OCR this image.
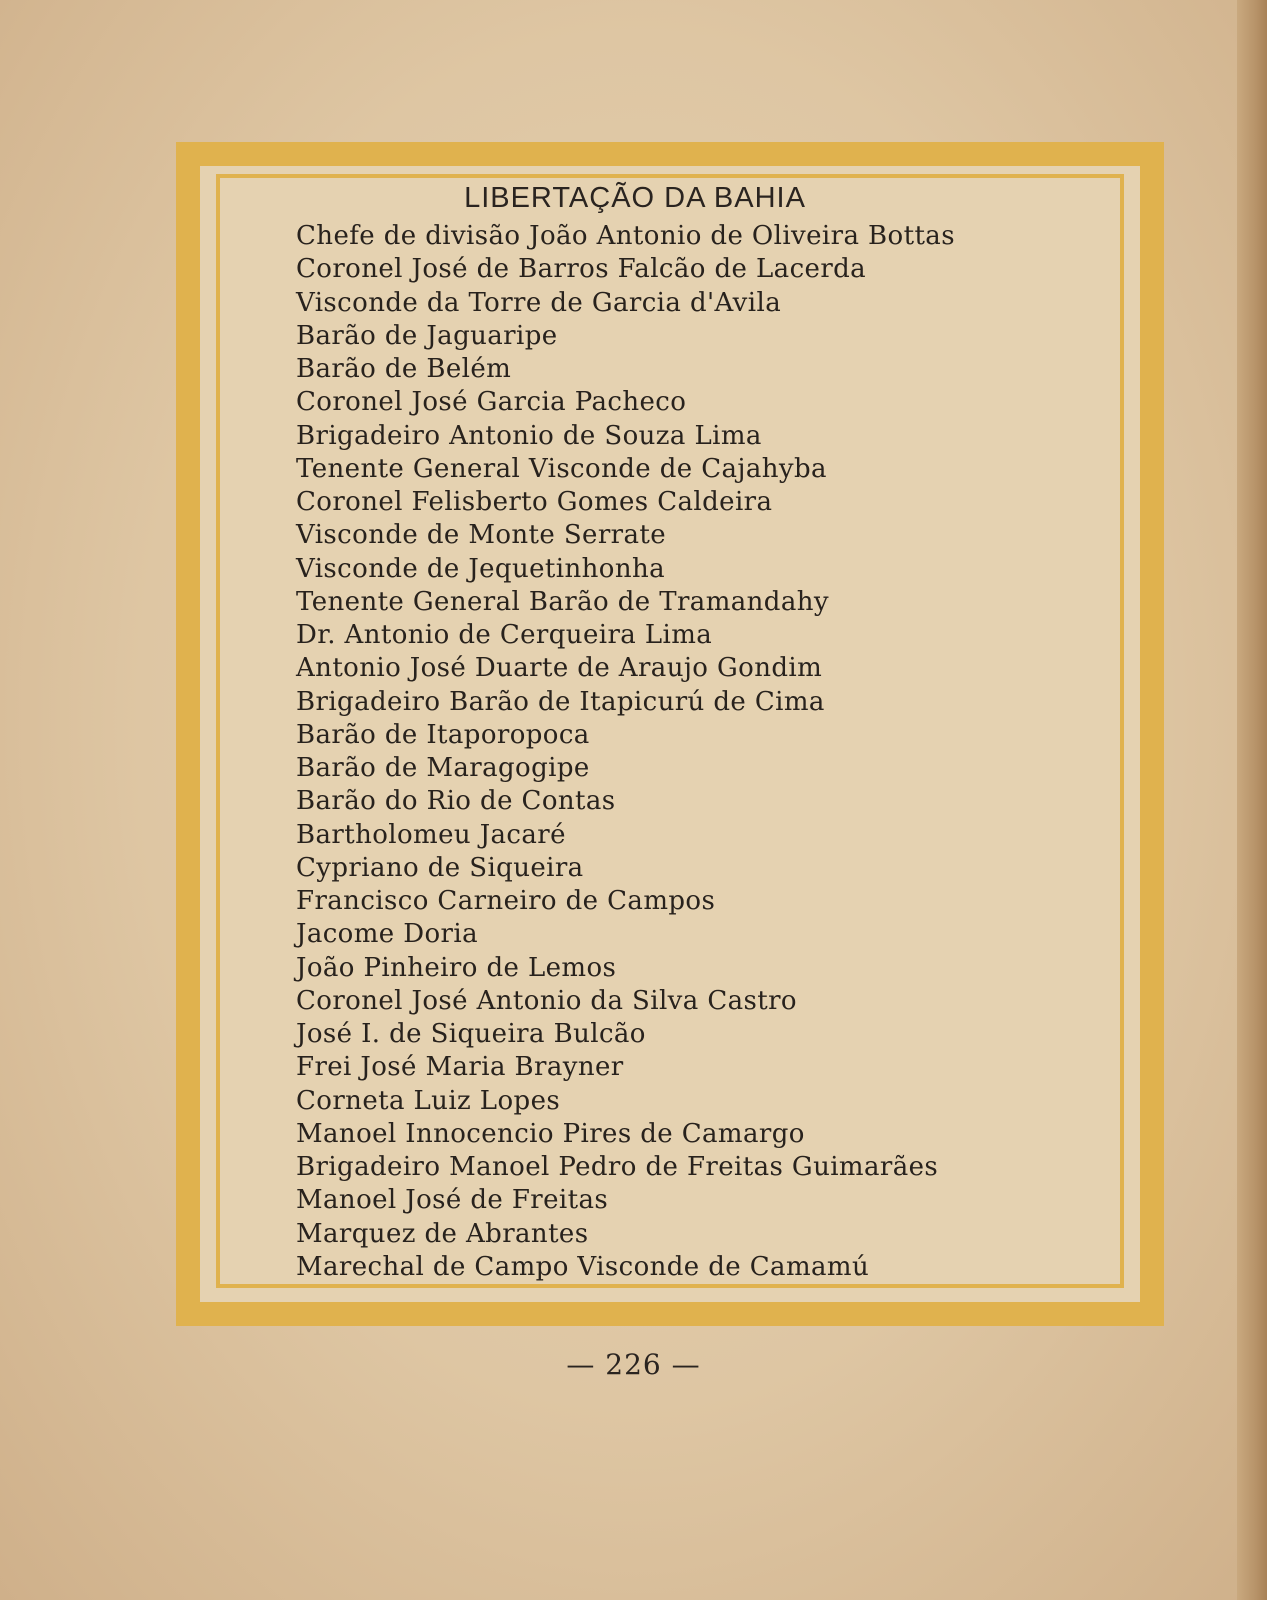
LIBERTAÇÃO DA BAHIA
Chefe de divisão João Antonio de Oliveira Bottas
Coronel José de Barros Falcão de Lacerda
Visconde da Torre de Garcia d'Avila
Barão de Jaguaripe
Barão de Belém
Coronel José Garcia Pacheco
Brigadeiro Antonio de Souza Lima
Tenente General Visconde de Cajahyba
Coronel Felisberto Gomes Caldeira
Visconde de Monte Serrate
Visconde de Jequetinhonha
Tenente General Barão de Tramandahy
Dr. Antonio de Cerqueira Lima
Antonio José Duarte de Araujo Gondim
Brigadeiro Barão de Itapicurú de Cima
Barão de Itaporoроса
Barão de Maragogipe
Barão do Rio de Contas
Bartholomeu Jacaré
Cypriano de Siqueira
Francisco Carneiro de Campos
Jacome Doria
João Pinheiro de Lemos
Coronel José Antonio da Silva Castro
José I. de Siqueira Bulcão
Frei José Maria Brayner
Corneta Luiz Lopes
Manoel Innocencio Pires de Camargo
Brigadeiro Manoel Pedro de Freitas Guimarães
Manoel José de Freitas
Marquez de Abrantes
Marechal de Campo Visconde de Camamú
— 226 —
